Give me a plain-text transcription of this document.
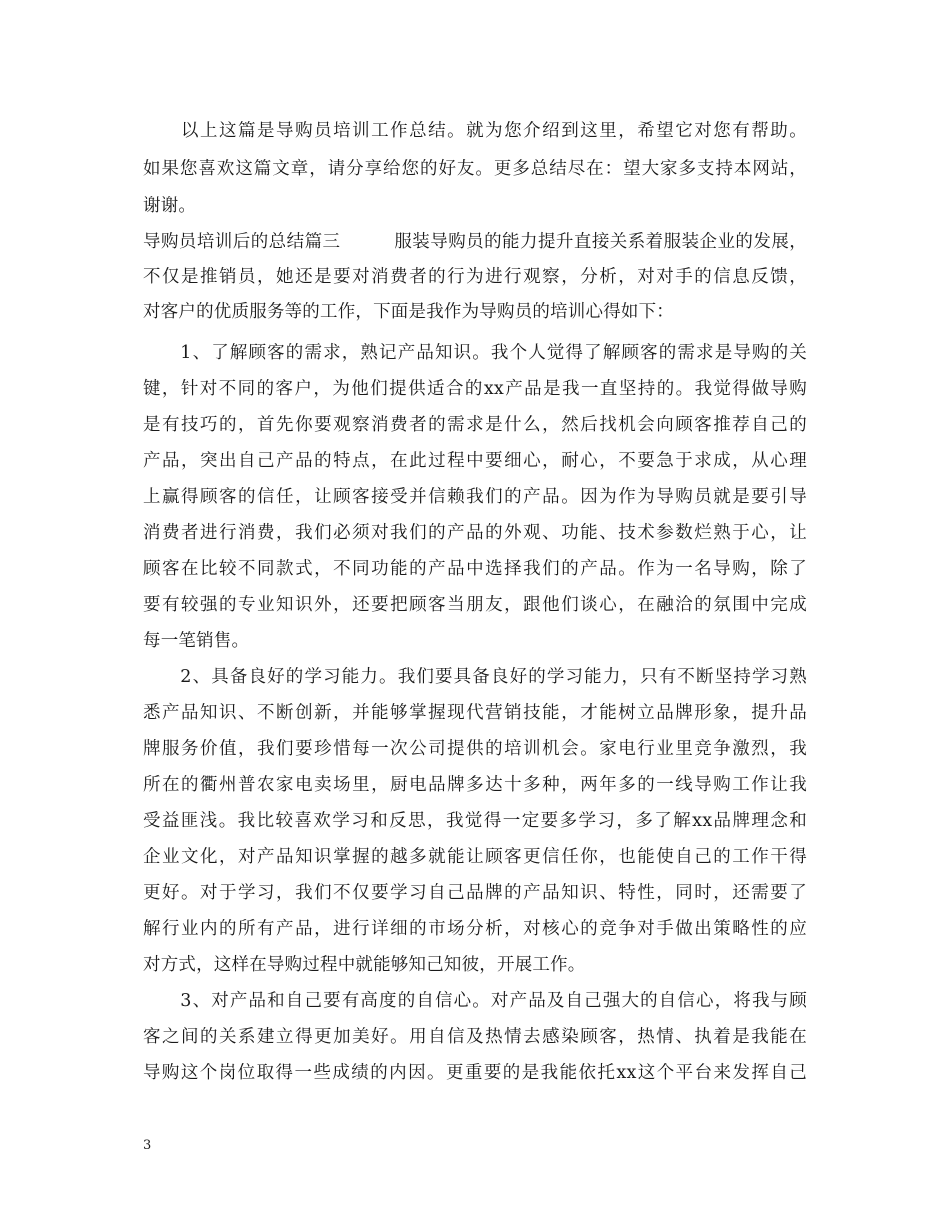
　　以上这篇是导购员培训工作总结。就为您介绍到这里，希望它对您有帮助。
如果您喜欢这篇文章，请分享给您的好友。更多总结尽在：望大家多支持本网站，
谢谢。
导购员培训后的总结篇三　　　服装导购员的能力提升直接关系着服装企业的发展，
不仅是推销员，她还是要对消费者的行为进行观察，分析，对对手的信息反馈，
对客户的优质服务等的工作，下面是我作为导购员的培训心得如下：
　　1、了解顾客的需求，熟记产品知识。我个人觉得了解顾客的需求是导购的关
键，针对不同的客户，为他们提供适合的xx产品是我一直坚持的。我觉得做导购
是有技巧的，首先你要观察消费者的需求是什么，然后找机会向顾客推荐自己的
产品，突出自己产品的特点，在此过程中要细心，耐心，不要急于求成，从心理
上赢得顾客的信任，让顾客接受并信赖我们的产品。因为作为导购员就是要引导
消费者进行消费，我们必须对我们的产品的外观、功能、技术参数烂熟于心，让
顾客在比较不同款式，不同功能的产品中选择我们的产品。作为一名导购，除了
要有较强的专业知识外，还要把顾客当朋友，跟他们谈心，在融洽的氛围中完成
每一笔销售。
　　2、具备良好的学习能力。我们要具备良好的学习能力，只有不断坚持学习熟
悉产品知识、不断创新，并能够掌握现代营销技能，才能树立品牌形象，提升品
牌服务价值，我们要珍惜每一次公司提供的培训机会。家电行业里竞争激烈，我
所在的衢州普农家电卖场里，厨电品牌多达十多种，两年多的一线导购工作让我
受益匪浅。我比较喜欢学习和反思，我觉得一定要多学习，多了解xx品牌理念和
企业文化，对产品知识掌握的越多就能让顾客更信任你，也能使自己的工作干得
更好。对于学习，我们不仅要学习自己品牌的产品知识、特性，同时，还需要了
解行业内的所有产品，进行详细的市场分析，对核心的竞争对手做出策略性的应
对方式，这样在导购过程中就能够知己知彼，开展工作。
　　3、对产品和自己要有高度的自信心。对产品及自己强大的自信心，将我与顾
客之间的关系建立得更加美好。用自信及热情去感染顾客，热情、执着是我能在
导购这个岗位取得一些成绩的内因。更重要的是我能依托xx这个平台来发挥自己
3
